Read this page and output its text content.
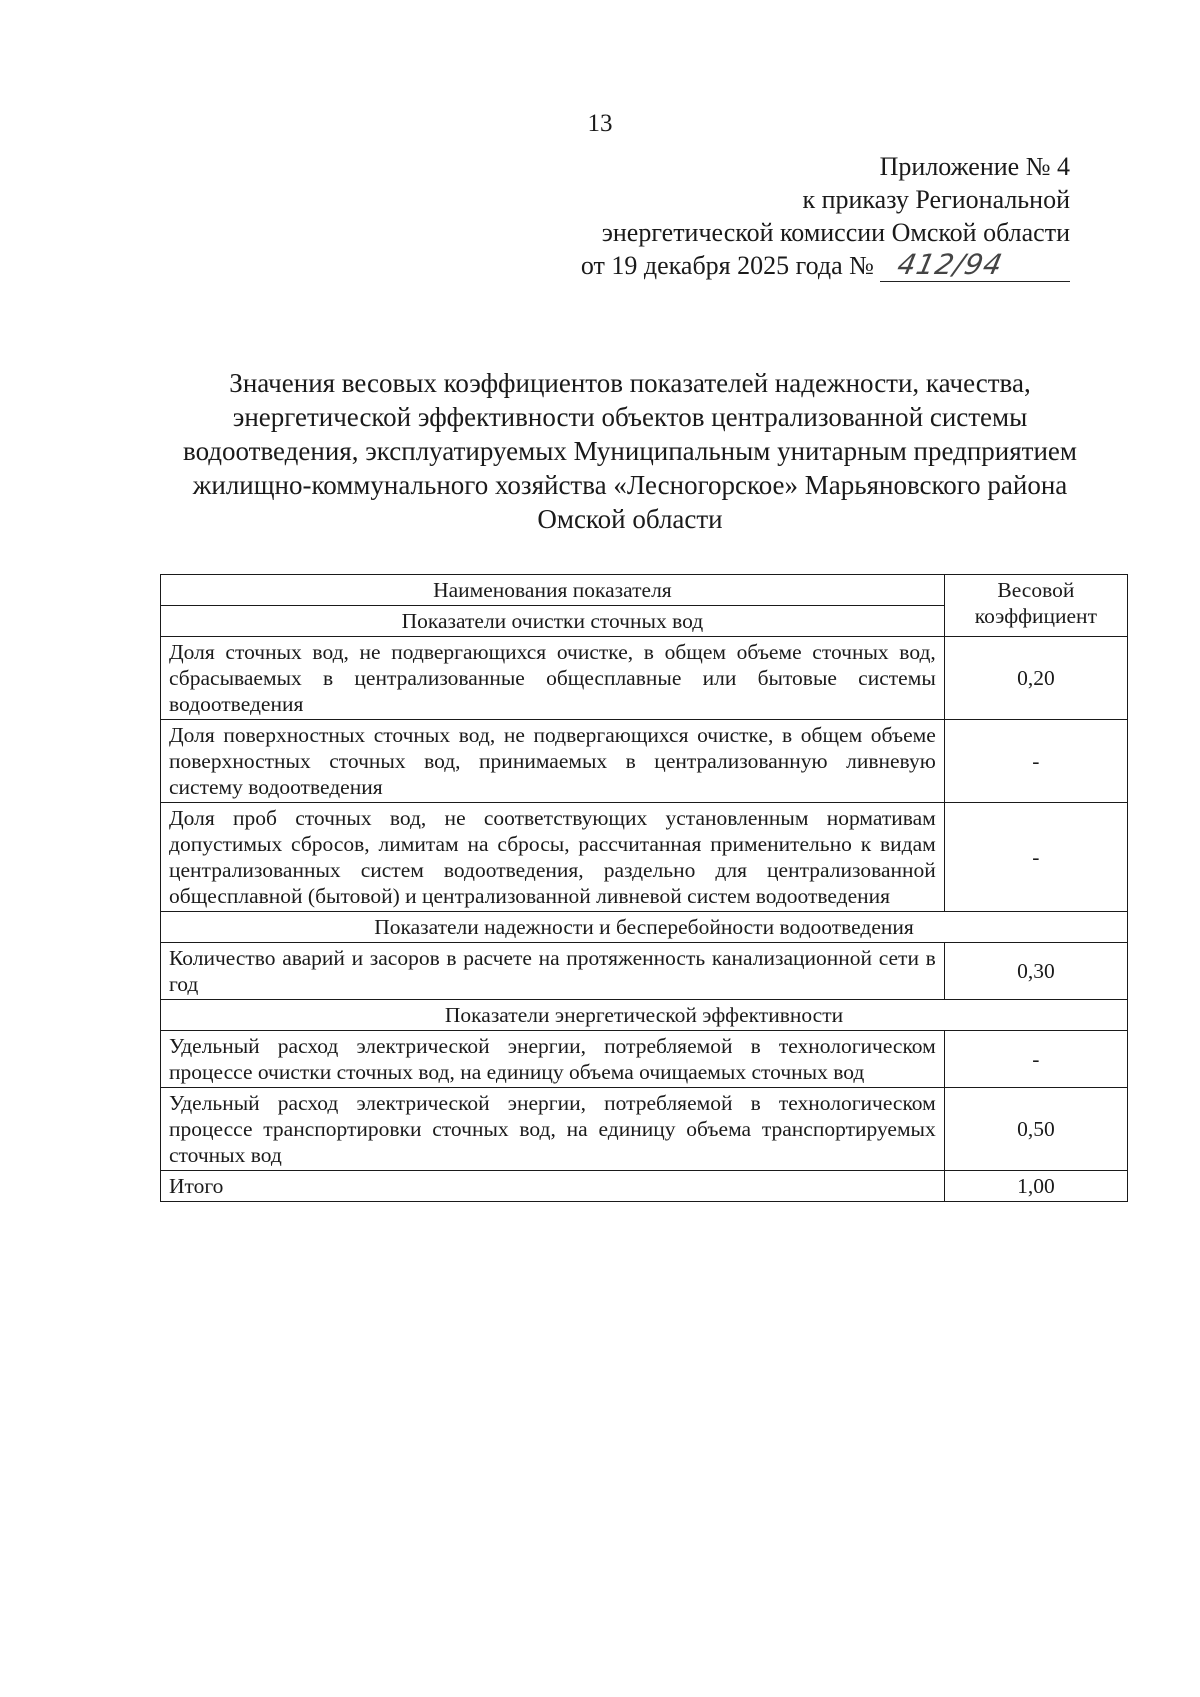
13
Приложение № 4
к приказу Региональной
энергетической комиссии Омской области
от 19 декабря 2025 года № 412/94
Значения весовых коэффициентов показателей надежности, качества,
энергетической эффективности объектов централизованной системы
водоотведения, эксплуатируемых Муниципальным унитарным предприятием
жилищно-коммунального хозяйства «Лесногорское» Марьяновского района
Омской области
Наименования показателя	Весовой коэффициент
Показатели очистки сточных вод	
Доля сточных вод, не подвергающихся очистке, в общем объеме сточных вод, сбрасываемых в централизованные общесплавные или бытовые системы водоотведения	0,20
Доля поверхностных сточных вод, не подвергающихся очистке, в общем объеме поверхностных сточных вод, принимаемых в централизованную ливневую систему водоотведения	-
Доля проб сточных вод, не соответствующих установленным нормативам допустимых сбросов, лимитам на сбросы, рассчитанная применительно к видам централизованных систем водоотведения, раздельно для централизованной общесплавной (бытовой) и централизованной ливневой систем водоотведения	-
Показатели надежности и бесперебойности водоотведения	
Количество аварий и засоров в расчете на протяженность канализационной сети в год	0,30
Показатели энергетической эффективности	
Удельный расход электрической энергии, потребляемой в технологическом процессе очистки сточных вод, на единицу объема очищаемых сточных вод	-
Удельный расход электрической энергии, потребляемой в технологическом процессе транспортировки сточных вод, на единицу объема транспортируемых сточных вод	0,50
Итого	1,00
